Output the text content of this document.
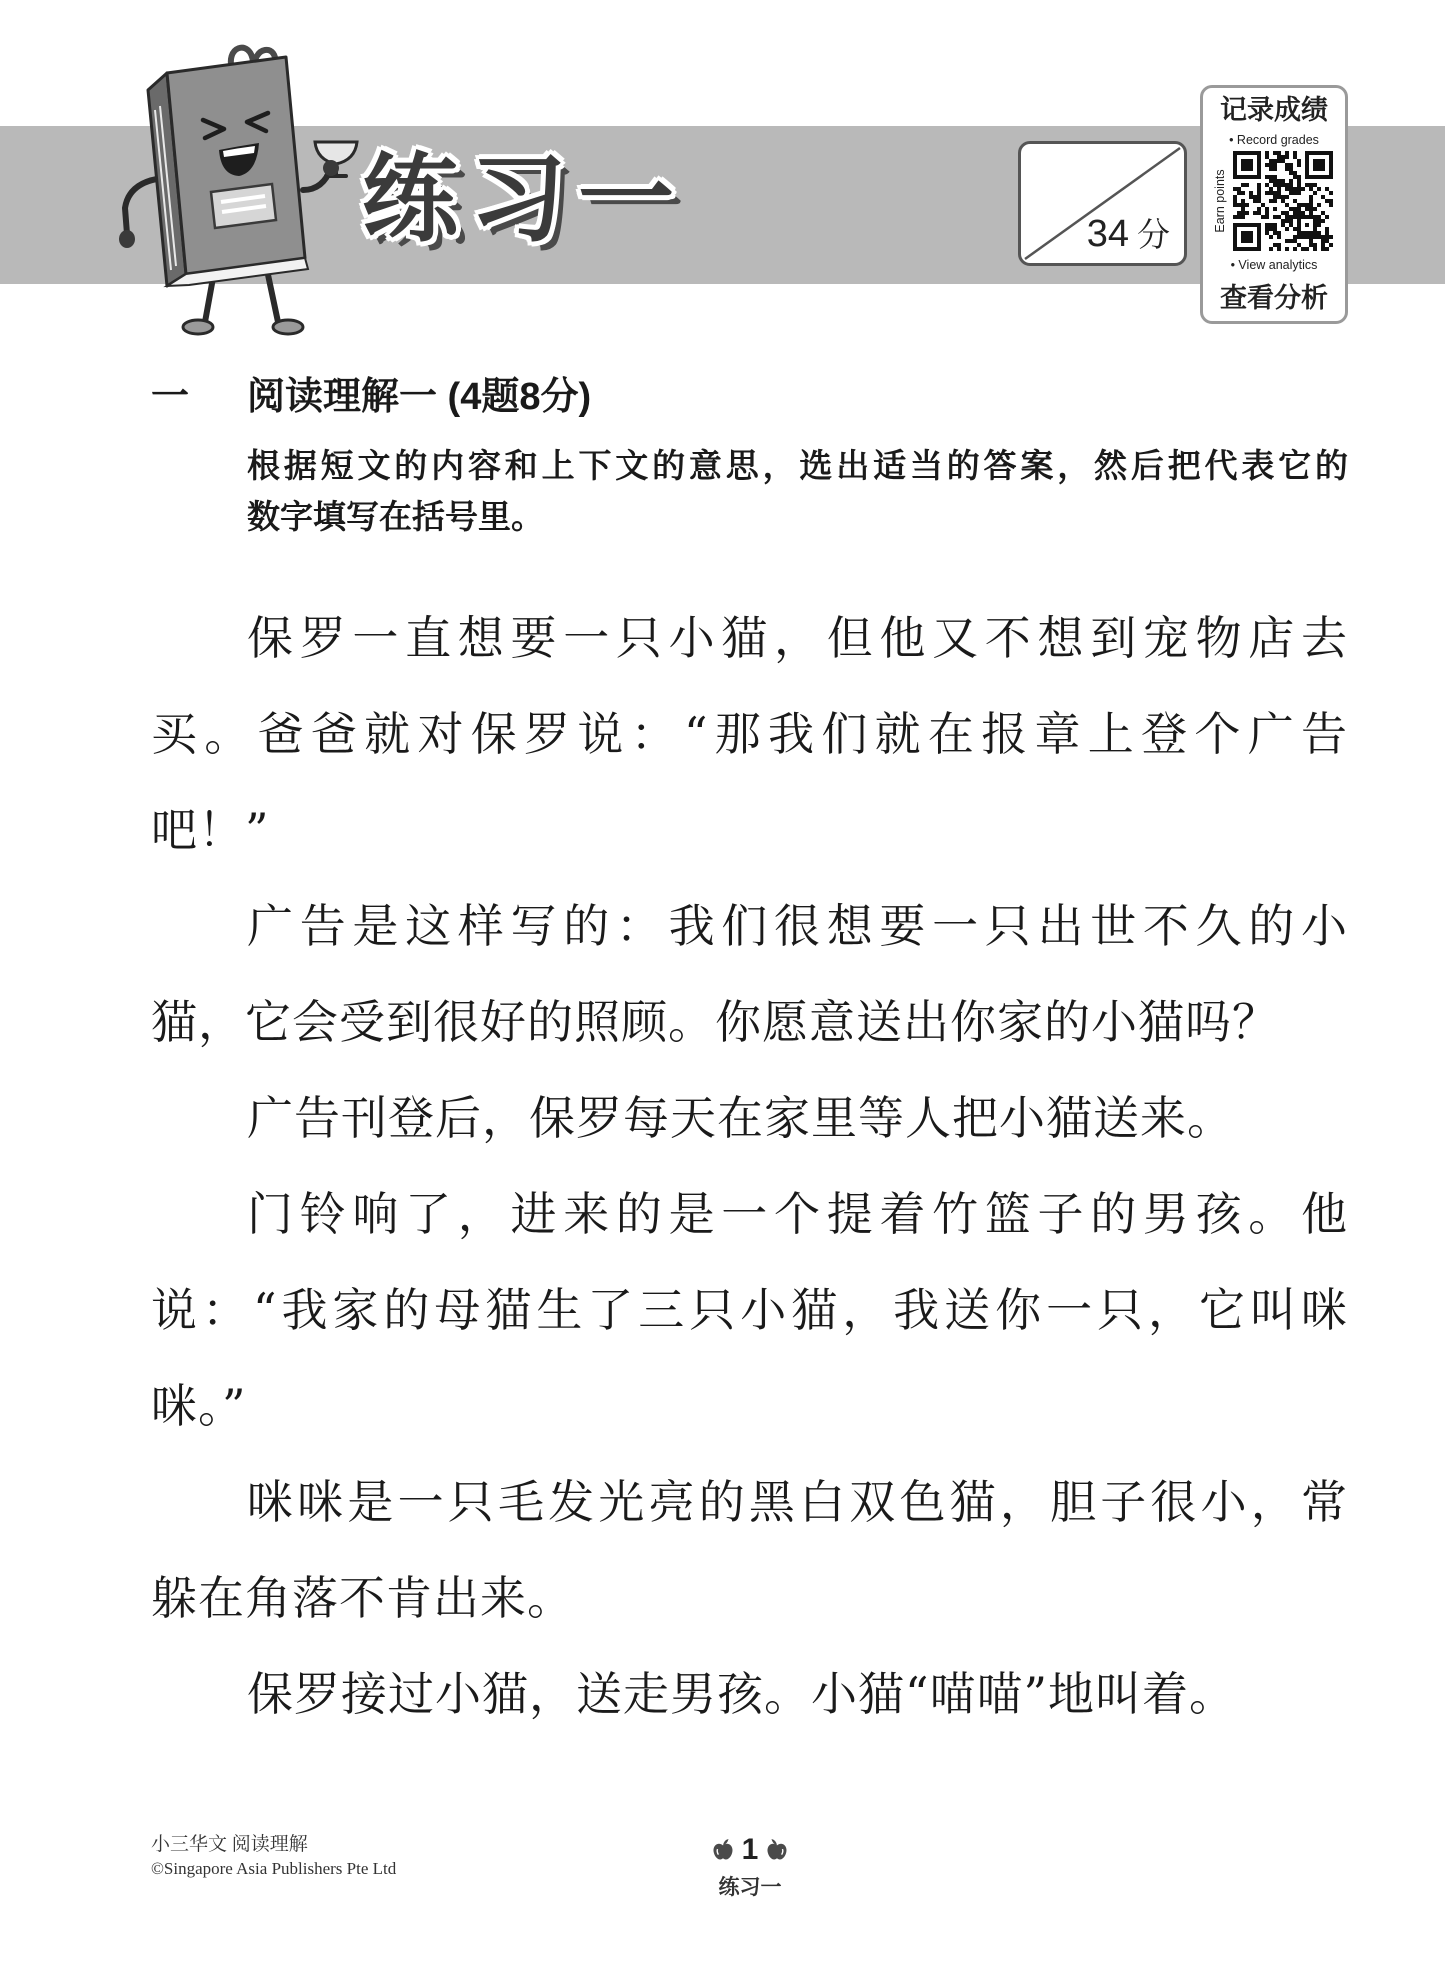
练习一	34 分
记录成绩
• Record grades
Earn points
• View analytics
查看分析
一 阅读理解一 (4题8分)
根据短文的内容和上下文的意思，选出适当的答案，然后把代表它的
数字填写在括号里。
保罗一直想要一只小猫，但他又不想到宠物店去
买。爸爸就对保罗说：“那我们就在报章上登个广告
吧！”
广告是这样写的：我们很想要一只出世不久的小
猫，它会受到很好的照顾。你愿意送出你家的小猫吗？
广告刊登后，保罗每天在家里等人把小猫送来。
门铃响了，进来的是一个提着竹篮子的男孩。他
说：“我家的母猫生了三只小猫，我送你一只，它叫咪
咪。”
咪咪是一只毛发光亮的黑白双色猫，胆子很小，常
躲在角落不肯出来。
保罗接过小猫，送走男孩。小猫“喵喵”地叫着。
小三华文 阅读理解
©Singapore Asia Publishers Pte Ltd
1
练习一
